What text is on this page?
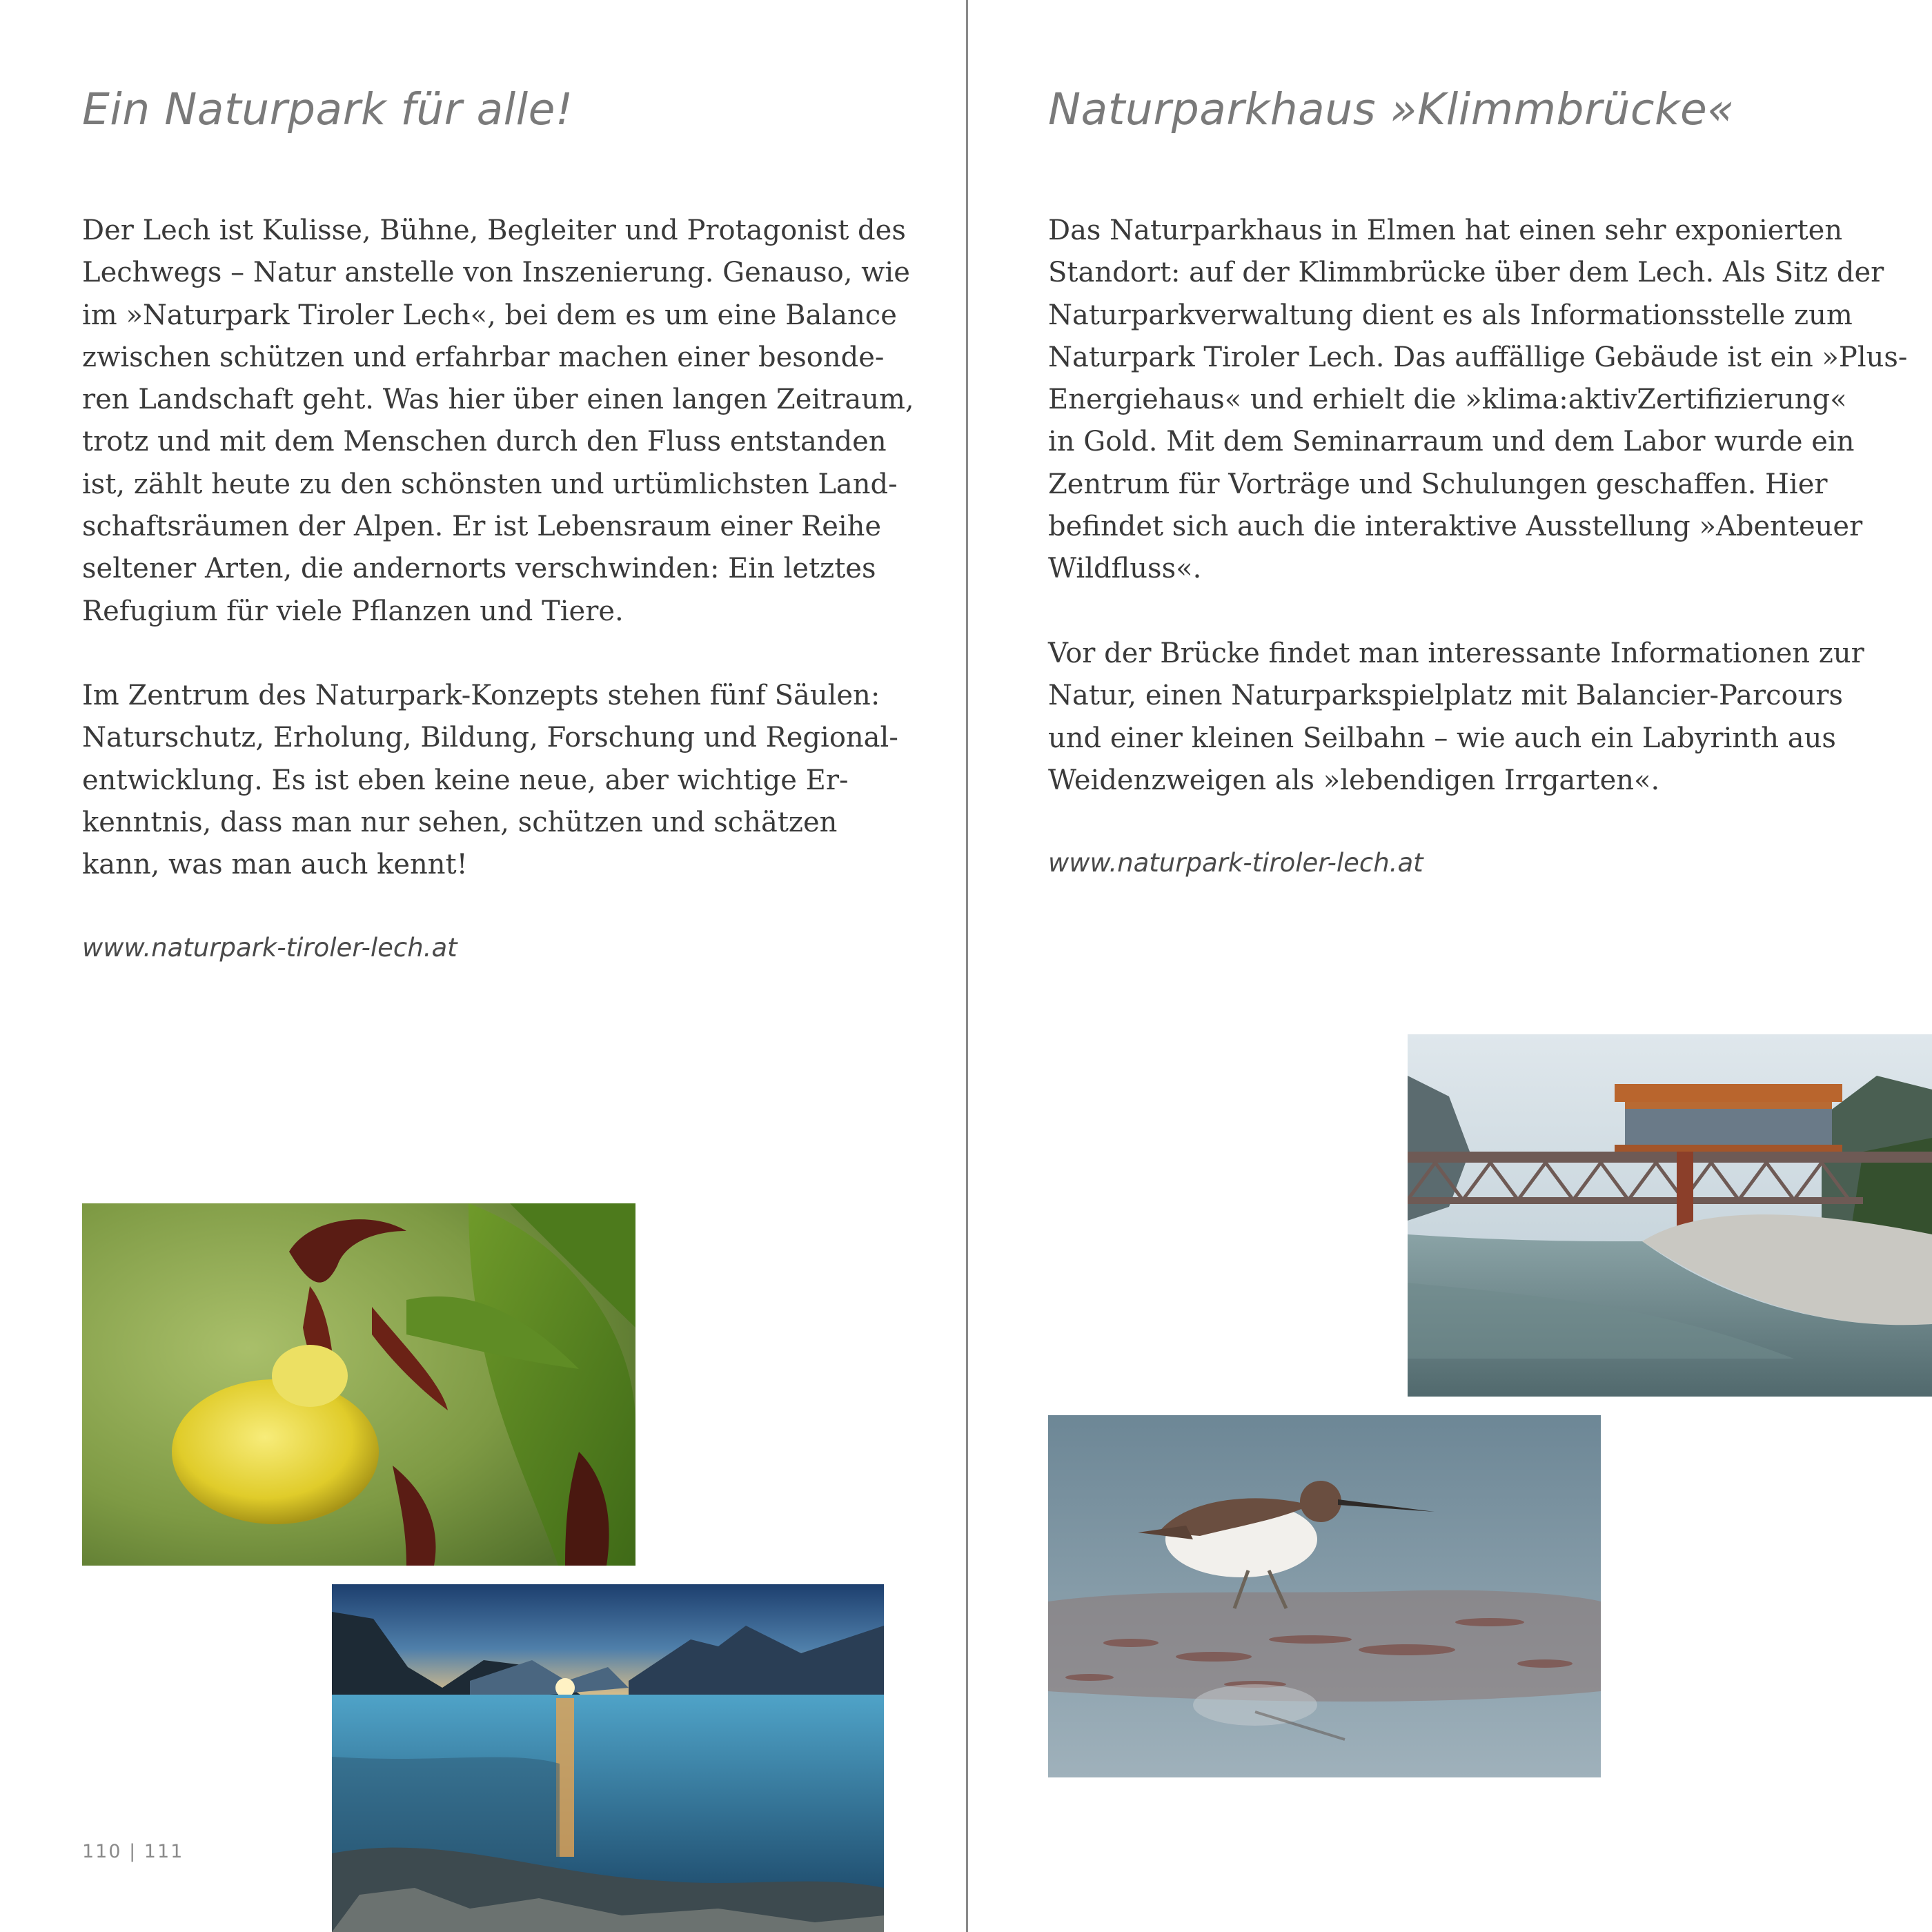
Ein Naturpark für alle!

Der Lech ist Kulisse, Bühne, Begleiter und Protagonist des
Lechwegs – Natur anstelle von Inszenierung. Genauso, wie
im »Naturpark Tiroler Lech«, bei dem es um eine Balance
zwischen schützen und erfahrbar machen einer besonde-
ren Landschaft geht. Was hier über einen langen Zeitraum,
trotz und mit dem Menschen durch den Fluss entstanden
ist, zählt heute zu den schönsten und urtümlichsten Land-
schaftsräumen der Alpen. Er ist Lebensraum einer Reihe
seltener Arten, die andernorts verschwinden: Ein letztes
Refugium für viele Pflanzen und Tiere.

Im Zentrum des Naturpark-Konzepts stehen fünf Säulen:
Naturschutz, Erholung, Bildung, Forschung und Regional-
entwicklung. Es ist eben keine neue, aber wichtige Er-
kenntnis, dass man nur sehen, schützen und schätzen
kann, was man auch kennt!

www.naturpark-tiroler-lech.at

110 | 111
Naturparkhaus »Klimmbrücke«

Das Naturparkhaus in Elmen hat einen sehr exponierten
Standort: auf der Klimmbrücke über dem Lech. Als Sitz der
Naturparkverwaltung dient es als Informationsstelle zum
Naturpark Tiroler Lech. Das auffällige Gebäude ist ein »Plus-
Energiehaus« und erhielt die »klima:aktivZertifizierung«
in Gold. Mit dem Seminarraum und dem Labor wurde ein
Zentrum für Vorträge und Schulungen geschaffen. Hier
befindet sich auch die interaktive Ausstellung »Abenteuer
Wildfluss«.

Vor der Brücke findet man interessante Informationen zur
Natur, einen Naturparkspielplatz mit Balancier-Parcours
und einer kleinen Seilbahn – wie auch ein Labyrinth aus
Weidenzweigen als »lebendigen Irrgarten«.

www.naturpark-tiroler-lech.at
